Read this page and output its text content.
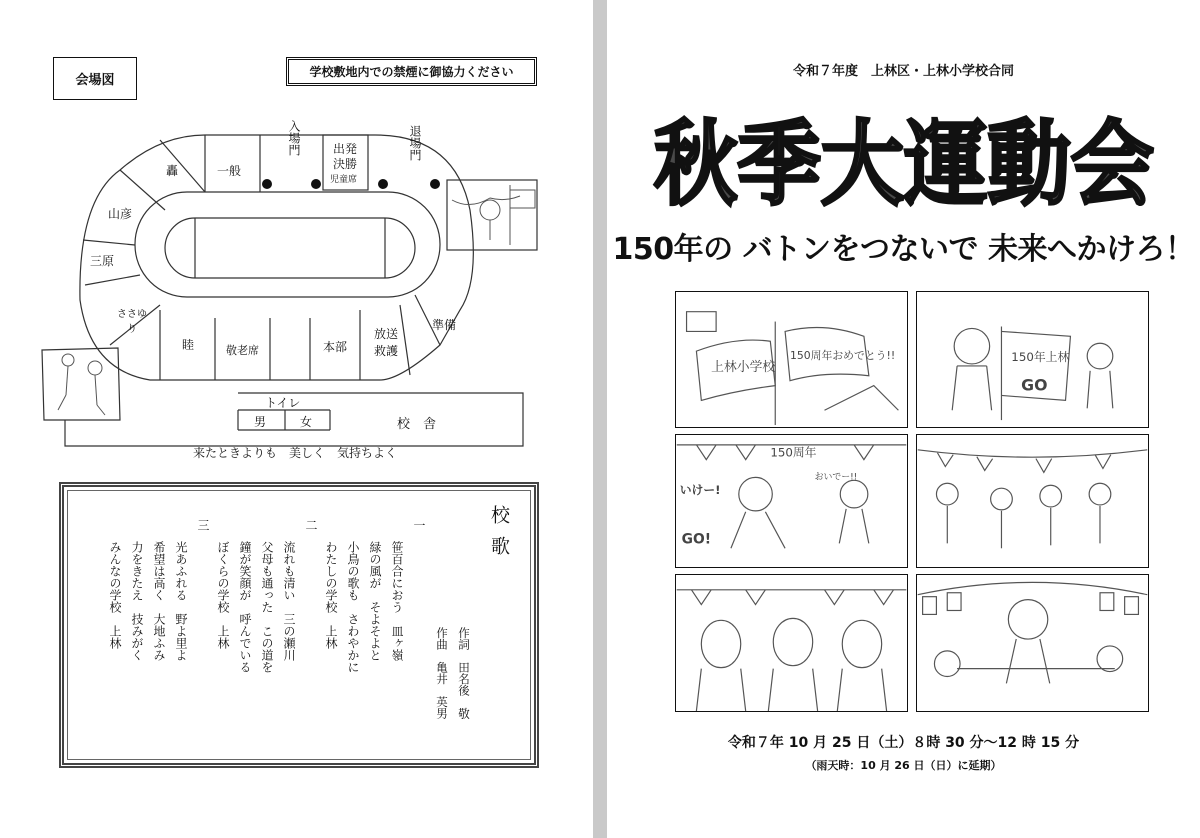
会場図
学校敷地内での禁煙に御協力ください
入場門	退場門
出発
決勝
児童席
轟	一般
山彦
三原
ささゆり
睦	敬老席	本部
放送
救護
準備
トイレ
男	女	校　舎
来たときよりも　美しく　気持ちよく
校歌
作詞　田名後　敬
作曲　亀井　英男
一
笹百合におう　皿ヶ嶺
緑の風が　そよそよと
小鳥の歌も　さわやかに
わたしの学校　上林
二
流れも清い　三の瀬川
父母も通った　この道を
鐘が笑顔が　呼んでいる
ぼくらの学校　上林
三
光あふれる　野よ里よ
希望は高く　大地ふみ
力をきたえ　技みがく
みんなの学校　上林
令和７年度　上林区・上林小学校合同
秋季大運動会
150年の バトンをつないで 未来へかけろ！
上林小学校
150周年おめでとう!!	150年上林
GO
150周年
いけー!
GO!
おいでー!!
令和７年 10 月 25 日（土）８時 30 分～12 時 15 分
（雨天時：10 月 26 日（日）に延期）
